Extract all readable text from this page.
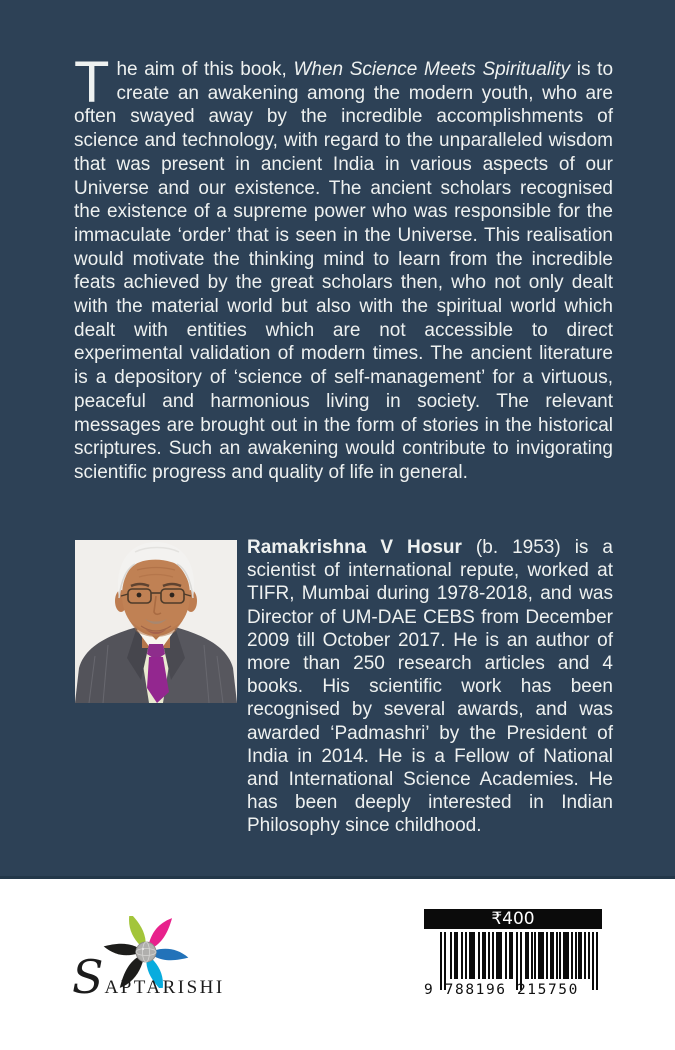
The aim of this book, When Science Meets Spirituality is to create an awakening among the modern youth, who are often swayed away by the incredible accomplishments of science and technology, with regard to the unparalleled wisdom that was present in ancient India in various aspects of our Universe and our existence. The ancient scholars recognised the existence of a supreme power who was responsible for the immaculate ‘order’ that is seen in the Universe. This realisation would motivate the thinking mind to learn from the incredible feats achieved by the great scholars then, who not only dealt with the material world but also with the spiritual world which dealt with entities which are not accessible to direct experimental validation of modern times. The ancient literature is a depository of ‘science of self-management’ for a virtuous, peaceful and harmonious living in society. The relevant messages are brought out in the form of stories in the historical scriptures. Such an awakening would contribute to invigorating scientific progress and quality of life in general.

Ramakrishna V Hosur (b. 1953) is a scientist of international repute, worked at TIFR, Mumbai during 1978-2018, and was Director of UM-DAE CEBS from December 2009 till October 2017. He is an author of more than 250 research articles and 4 books. His scientific work has been recognised by several awards, and was awarded ‘Padmashri’ by the President of India in 2014. He is a Fellow of National and International Science Academies. He has been deeply interested in Indian Philosophy since childhood.

SAPTARISHI
₹400
9 788196 215750
